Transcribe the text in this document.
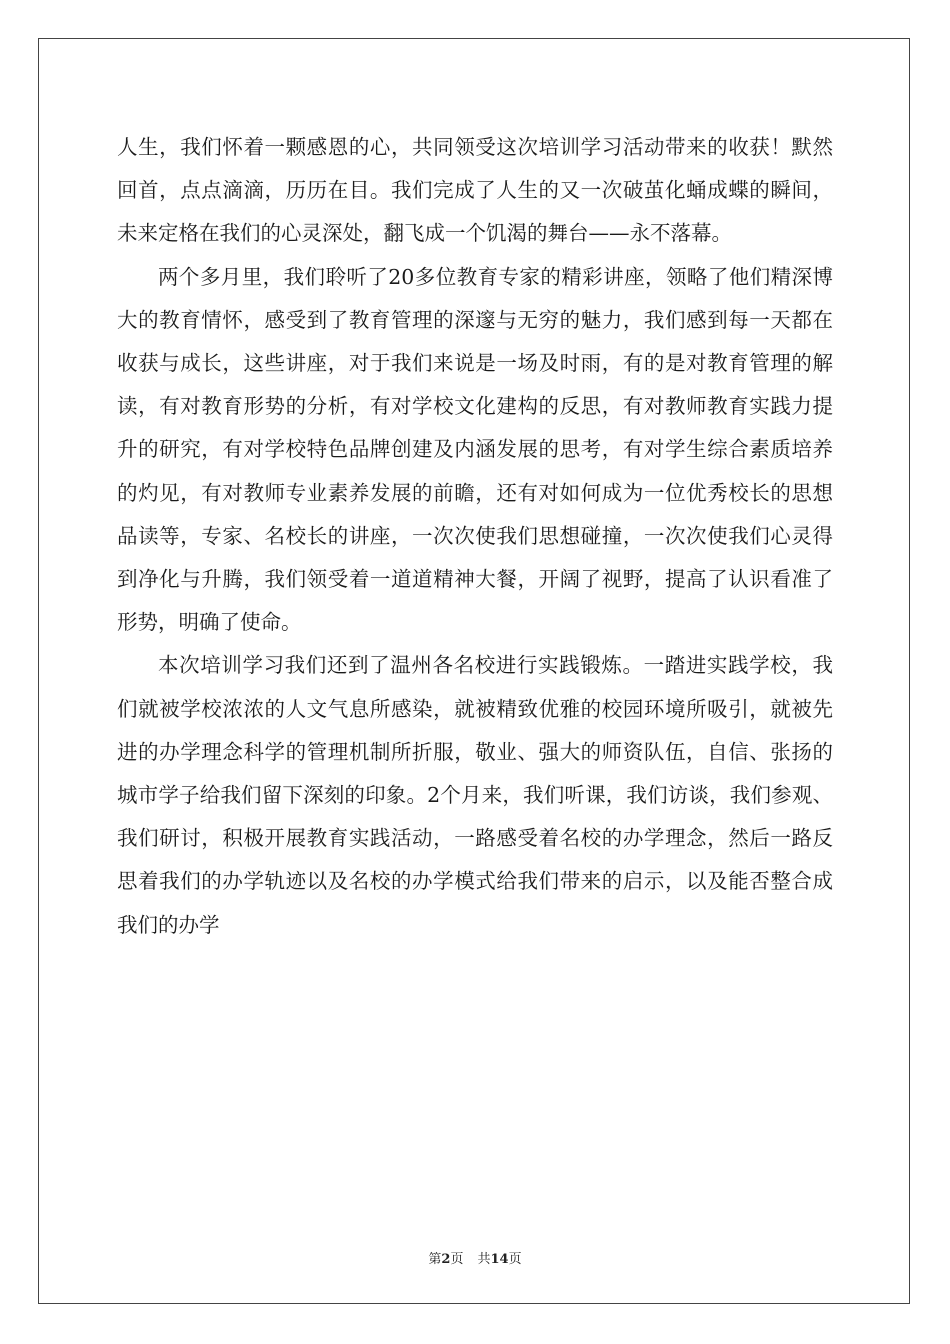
人生，我们怀着一颗感恩的心，共同领受这次培训学习活动带来的收获！默然回首，点点滴滴，历历在目。我们完成了人生的又一次破茧化蛹成蝶的瞬间，未来定格在我们的心灵深处，翻飞成一个饥渴的舞台——永不落幕。

两个多月里，我们聆听了20多位教育专家的精彩讲座，领略了他们精深博大的教育情怀，感受到了教育管理的深邃与无穷的魅力，我们感到每一天都在收获与成长，这些讲座，对于我们来说是一场及时雨，有的是对教育管理的解读，有对教育形势的分析，有对学校文化建构的反思，有对教师教育实践力提升的研究，有对学校特色品牌创建及内涵发展的思考，有对学生综合素质培养的灼见，有对教师专业素养发展的前瞻，还有对如何成为一位优秀校长的思想品读等，专家、名校长的讲座，一次次使我们思想碰撞，一次次使我们心灵得到净化与升腾，我们领受着一道道精神大餐，开阔了视野，提高了认识看准了形势，明确了使命。

本次培训学习我们还到了温州各名校进行实践锻炼。一踏进实践学校，我们就被学校浓浓的人文气息所感染，就被精致优雅的校园环境所吸引，就被先进的办学理念科学的管理机制所折服，敬业、强大的师资队伍，自信、张扬的城市学子给我们留下深刻的印象。2个月来，我们听课，我们访谈，我们参观、我们研讨，积极开展教育实践活动，一路感受着名校的办学理念，然后一路反思着我们的办学轨迹以及名校的办学模式给我们带来的启示，以及能否整合成我们的办学

第2页 共14页
